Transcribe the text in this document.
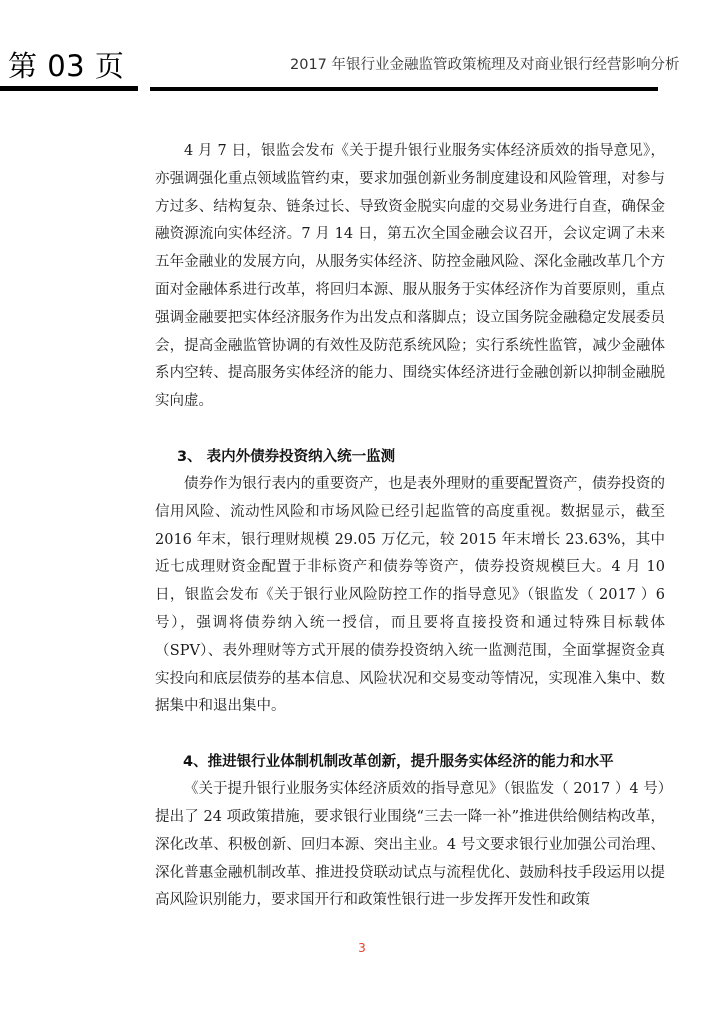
第 03 页	2017 年银行业金融监管政策梳理及对商业银行经营影响分析

4 月 7 日，银监会发布《关于提升银行业服务实体经济质效的指导意见》，亦强调强化重点领域监管约束，要求加强创新业务制度建设和风险管理，对参与方过多、结构复杂、链条过长、导致资金脱实向虚的交易业务进行自查，确保金融资源流向实体经济。7 月 14 日，第五次全国金融会议召开，会议定调了未来五年金融业的发展方向，从服务实体经济、防控金融风险、深化金融改革几个方面对金融体系进行改革，将回归本源、服从服务于实体经济作为首要原则，重点强调金融要把实体经济服务作为出发点和落脚点；设立国务院金融稳定发展委员会，提高金融监管协调的有效性及防范系统风险；实行系统性监管，减少金融体系内空转、提高服务实体经济的能力、围绕实体经济进行金融创新以抑制金融脱实向虚。

3、 表内外债券投资纳入统一监测

债券作为银行表内的重要资产，也是表外理财的重要配置资产，债券投资的信用风险、流动性风险和市场风险已经引起监管的高度重视。数据显示，截至 2016 年末，银行理财规模 29.05 万亿元，较 2015 年末增长 23.63%，其中近七成理财资金配置于非标资产和债券等资产，债券投资规模巨大。4 月 10 日，银监会发布《关于银行业风险防控工作的指导意见》（银监发（ 2017 ）6 号），强调将债券纳入统一授信，而且要将直接投资和通过特殊目标载体（SPV）、表外理财等方式开展的债券投资纳入统一监测范围，全面掌握资金真实投向和底层债券的基本信息、风险状况和交易变动等情况，实现准入集中、数据集中和退出集中。

4、推进银行业体制机制改革创新，提升服务实体经济的能力和水平

《关于提升银行业服务实体经济质效的指导意见》（银监发（ 2017 ）4 号）提出了 24 项政策措施，要求银行业围绕“三去一降一补”推进供给侧结构改革，深化改革、积极创新、回归本源、突出主业。4 号文要求银行业加强公司治理、深化普惠金融机制改革、推进投贷联动试点与流程优化、鼓励科技手段运用以提高风险识别能力，要求国开行和政策性银行进一步发挥开发性和政策

3
